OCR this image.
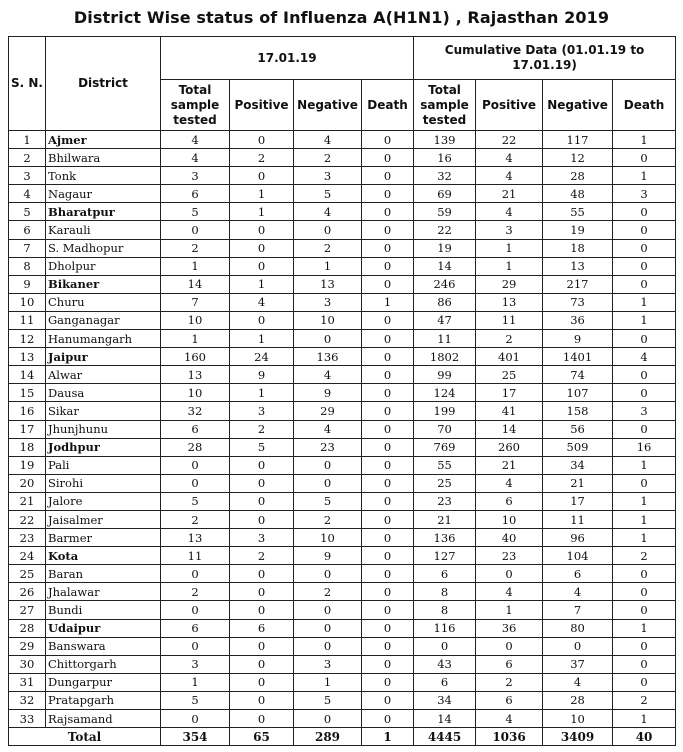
District Wise status of Influenza A(H1N1) , Rajasthan 2019
S. N.	District	17.01.19				Cumulative Data (01.01.19 to 17.01.19)			
		Total sample tested	Positive	Negative	Death	Total sample tested	Positive	Negative	Death
1	Ajmer	4	0	4	0	139	22	117	1
2	Bhilwara	4	2	2	0	16	4	12	0
3	Tonk	3	0	3	0	32	4	28	1
4	Nagaur	6	1	5	0	69	21	48	3
5	Bharatpur	5	1	4	0	59	4	55	0
6	Karauli	0	0	0	0	22	3	19	0
7	S. Madhopur	2	0	2	0	19	1	18	0
8	Dholpur	1	0	1	0	14	1	13	0
9	Bikaner	14	1	13	0	246	29	217	0
10	Churu	7	4	3	1	86	13	73	1
11	Ganganagar	10	0	10	0	47	11	36	1
12	Hanumangarh	1	1	0	0	11	2	9	0
13	Jaipur	160	24	136	0	1802	401	1401	4
14	Alwar	13	9	4	0	99	25	74	0
15	Dausa	10	1	9	0	124	17	107	0
16	Sikar	32	3	29	0	199	41	158	3
17	Jhunjhunu	6	2	4	0	70	14	56	0
18	Jodhpur	28	5	23	0	769	260	509	16
19	Pali	0	0	0	0	55	21	34	1
20	Sirohi	0	0	0	0	25	4	21	0
21	Jalore	5	0	5	0	23	6	17	1
22	Jaisalmer	2	0	2	0	21	10	11	1
23	Barmer	13	3	10	0	136	40	96	1
24	Kota	11	2	9	0	127	23	104	2
25	Baran	0	0	0	0	6	0	6	0
26	Jhalawar	2	0	2	0	8	4	4	0
27	Bundi	0	0	0	0	8	1	7	0
28	Udaipur	6	6	0	0	116	36	80	1
29	Banswara	0	0	0	0	0	0	0	0
30	Chittorgarh	3	0	3	0	43	6	37	0
31	Dungarpur	1	0	1	0	6	2	4	0
32	Pratapgarh	5	0	5	0	34	6	28	2
33	Rajsamand	0	0	0	0	14	4	10	1
Total		354	65	289	1	4445	1036	3409	40
